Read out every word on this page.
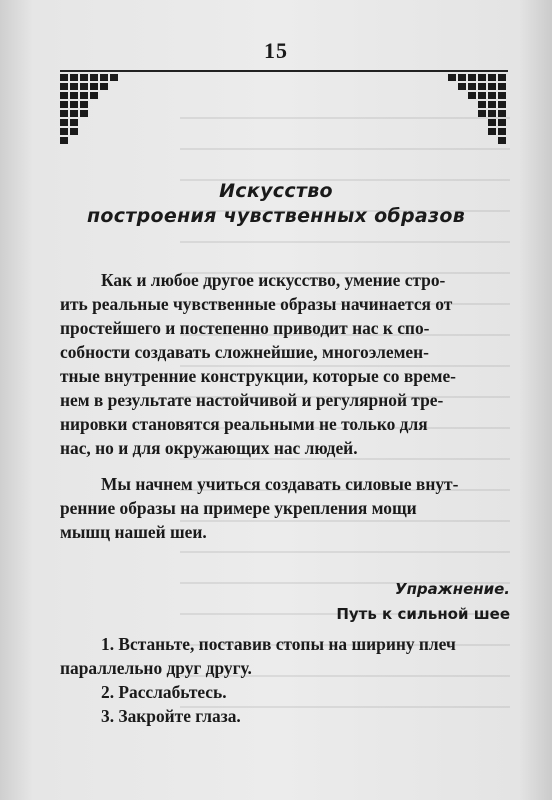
15
Искусство
построения чувственных образов
Как и любое другое искусство, умение стро-
ить реальные чувственные образы начинается от
простейшего и постепенно приводит нас к спо-
собности создавать сложнейшие, многоэлемен-
тные внутренние конструкции, которые со време-
нем в результате настойчивой и регулярной тре-
нировки становятся реальными не только для
нас, но и для окружающих нас людей.
Мы начнем учиться создавать силовые внут-
ренние образы на примере укрепления мощи
мышц нашей шеи.
Упражнение.
Путь к сильной шее
1. Встаньте, поставив стопы на ширину плеч
параллельно друг другу.
2. Расслабьтесь.
3. Закройте глаза.
